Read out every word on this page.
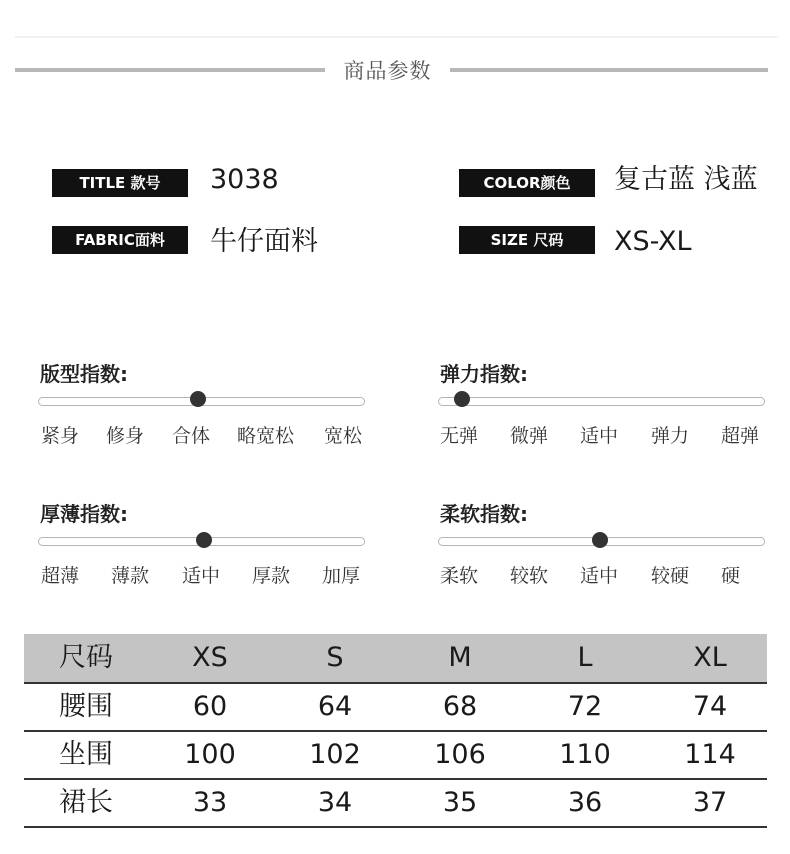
商品参数
TITLE 款号	3038
FABRIC面料	牛仔面料
COLOR颜色	复古蓝 浅蓝
SIZE 尺码	XS-XL
版型指数:
紧身 修身 合体 略宽松 宽松
弹力指数:
无弹 微弹 适中 弹力 超弹
厚薄指数:
超薄 薄款 适中 厚款 加厚
柔软指数:
柔软 较软 适中 较硬 硬
尺码	XS	S	M	L	XL
腰围	60	64	68	72	74
坐围	100	102	106	110	114
裙长	33	34	35	36	37
